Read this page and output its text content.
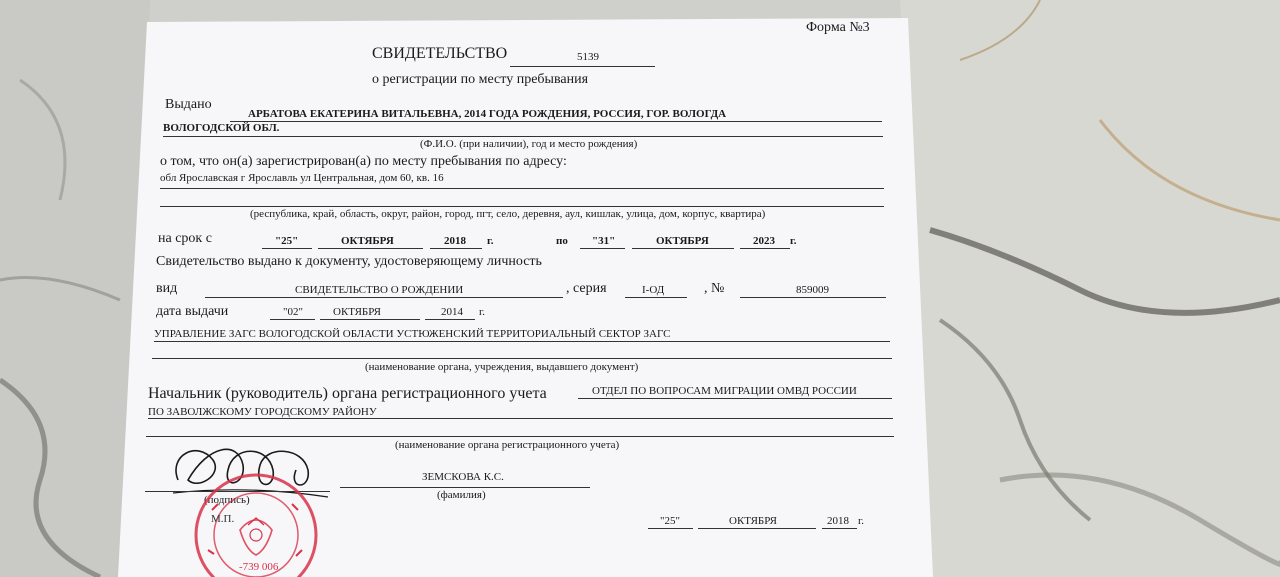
Форма №3
СВИДЕТЕЛЬСТВО	5139
о регистрации по месту пребывания
Выдано
АРБАТОВА ЕКАТЕРИНА ВИТАЛЬЕВНА, 2014 ГОДА РОЖДЕНИЯ, РОССИЯ, ГОР. ВОЛОГДА
ВОЛОГОДСКОЙ ОБЛ.
(Ф.И.О. (при наличии), год и место рождения)
о том, что он(а) зарегистрирован(а) по месту пребывания по адресу:
обл Ярославская г Ярославль ул Центральная, дом 60, кв. 16
(республика, край, область, округ, район, город, пгт, село, деревня, аул, кишлак, улица, дом, корпус, квартира)
на срок с	"25"	ОКТЯБРЯ	2018 г.	по "31"	ОКТЯБРЯ	2023 г.
Свидетельство выдано к документу, удостоверяющему личность
вид	СВИДЕТЕЛЬСТВО О РОЖДЕНИИ	, серия	I-ОД	, №	859009
дата выдачи	"02"	ОКТЯБРЯ	2014 г.
УПРАВЛЕНИЕ ЗАГС ВОЛОГОДСКОЙ ОБЛАСТИ УСТЮЖЕНСКИЙ ТЕРРИТОРИАЛЬНЫЙ СЕКТОР ЗАГС
(наименование органа, учреждения, выдавшего документ)
Начальник (руководитель) органа регистрационного учета	ОТДЕЛ ПО ВОПРОСАМ МИГРАЦИИ ОМВД РОССИИ
ПО ЗАВОЛЖСКОМУ ГОРОДСКОМУ РАЙОНУ
(наименование органа регистрационного учета)
(подпись)
ЗЕМСКОВА К.С.
(фамилия)
М.П.
-739 006
"25"	ОКТЯБРЯ	2018 г.
